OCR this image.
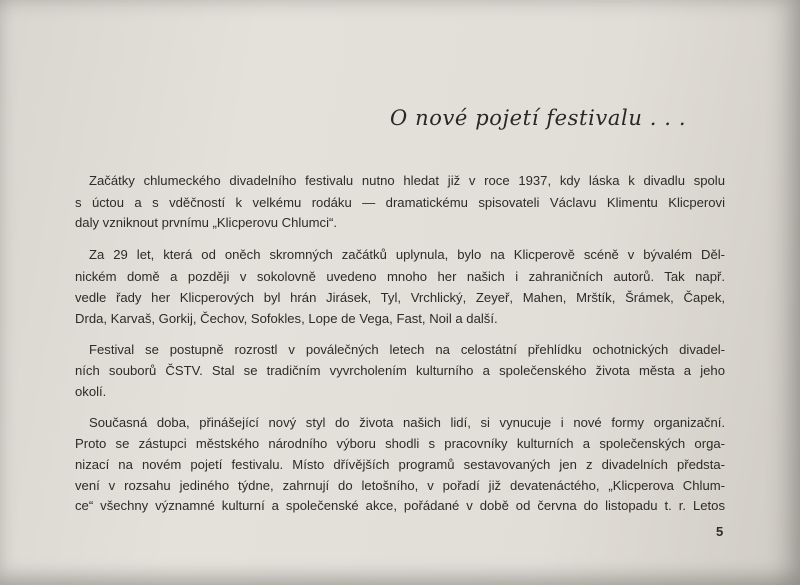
O nové pojetí festivalu . . .
Začátky chlumeckého divadelního festivalu nutno hledat již v roce 1937, kdy láska k divadlu spolu
s úctou a s vděčností k velkému rodáku — dramatickému spisovateli Václavu Klimentu Klicperovi
daly vzniknout prvnímu „Klicperovu Chlumci“.
Za 29 let, která od oněch skromných začátků uplynula, bylo na Klicperově scéně v bývalém Děl-
nickém domě a později v sokolovně uvedeno mnoho her našich i zahraničních autorů. Tak např.
vedle řady her Klicperových byl hrán Jirásek, Tyl, Vrchlický, Zeyeř, Mahen, Mrštík, Šrámek, Čapek,
Drda, Karvaš, Gorkij, Čechov, Sofokles, Lope de Vega, Fast, Noil a další.
Festival se postupně rozrostl v poválečných letech na celostátní přehlídku ochotnických divadel-
ních souborů ČSTV. Stal se tradičním vyvrcholením kulturního a společenského života města a jeho
okolí.
Současná doba, přinášející nový styl do života našich lidí, si vynucuje i nové formy organizační.
Proto se zástupci městského národního výboru shodli s pracovníky kulturních a společenských orga-
nizací na novém pojetí festivalu. Místo dřívějších programů sestavovaných jen z divadelních předsta-
vení v rozsahu jediného týdne, zahrnují do letošního, v pořadí již devatenáctého, „Klicperova Chlum-
ce“ všechny významné kulturní a společenské akce, pořádané v době od června do listopadu t. r. Letos
5
